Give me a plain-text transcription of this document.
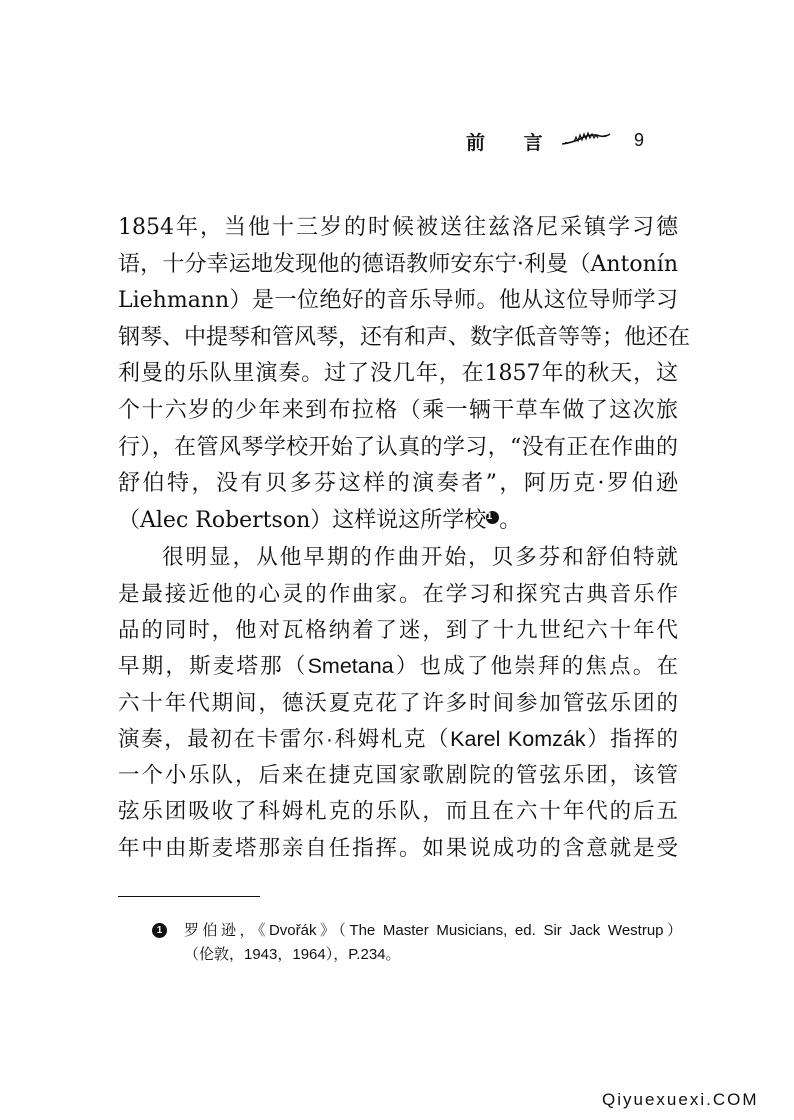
前 言	9
1854年，当他十三岁的时候被送往兹洛尼采镇学习德
语，十分幸运地发现他的德语教师安东宁·利曼（Antonín
Liehmann）是一位绝好的音乐导师。他从这位导师学习
钢琴、中提琴和管风琴，还有和声、数字低音等等；他还在
利曼的乐队里演奏。过了没几年，在1857年的秋天，这
个十六岁的少年来到布拉格（乘一辆干草车做了这次旅
行），在管风琴学校开始了认真的学习，“没有正在作曲的
舒伯特，没有贝多芬这样的演奏者”，阿历克·罗伯逊
（Alec Robertson）这样说这所学校1 。
很明显，从他早期的作曲开始，贝多芬和舒伯特就
是最接近他的心灵的作曲家。在学习和探究古典音乐作
品的同时，他对瓦格纳着了迷，到了十九世纪六十年代
早期，斯麦塔那（Smetana）也成了他崇拜的焦点。在
六十年代期间，德沃夏克花了许多时间参加管弦乐团的
演奏，最初在卡雷尔·科姆札克（Karel Komzák）指挥的
一个小乐队，后来在捷克国家歌剧院的管弦乐团，该管
弦乐团吸收了科姆札克的乐队，而且在六十年代的后五
年中由斯麦塔那亲自任指挥。如果说成功的含意就是受
1	罗伯逊，《Dvořák》（The Master Musicians, ed. Sir Jack Westrup）
（伦敦，1943，1964），P.234。
Qiyuexuexi.COM
